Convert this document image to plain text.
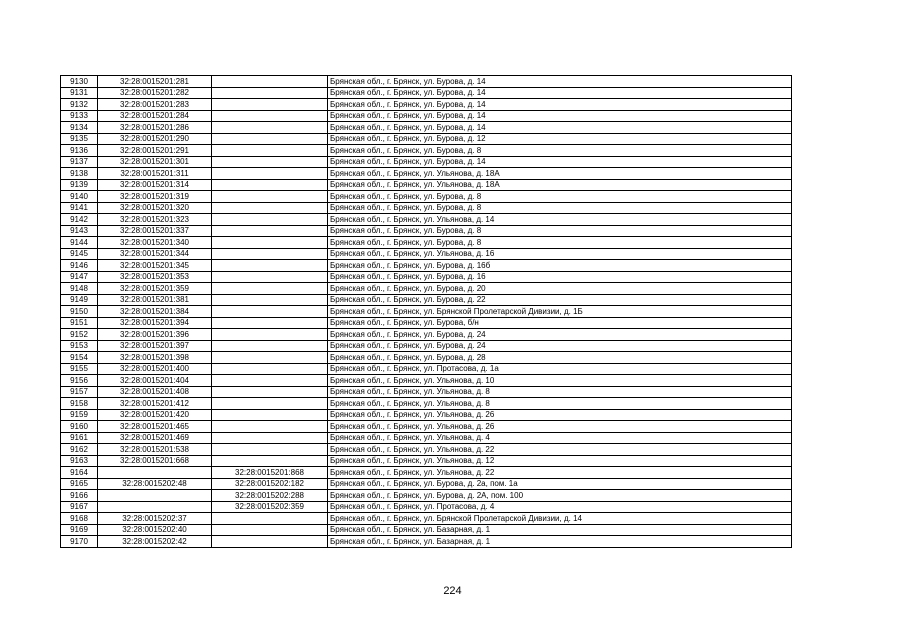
9130	32:28:0015201:281		Брянская обл., г. Брянск, ул. Бурова, д. 14
9131	32:28:0015201:282		Брянская обл., г. Брянск, ул. Бурова, д. 14
9132	32:28:0015201:283		Брянская обл., г. Брянск, ул. Бурова, д. 14
9133	32:28:0015201:284		Брянская обл., г. Брянск, ул. Бурова, д. 14
9134	32:28:0015201:286		Брянская обл., г. Брянск, ул. Бурова, д. 14
9135	32:28:0015201:290		Брянская обл., г. Брянск, ул. Бурова, д. 12
9136	32:28:0015201:291		Брянская обл., г. Брянск, ул. Бурова, д. 8
9137	32:28:0015201:301		Брянская обл., г. Брянск, ул. Бурова, д. 14
9138	32:28:0015201:311		Брянская обл., г. Брянск, ул. Ульянова, д. 18А
9139	32:28:0015201:314		Брянская обл., г. Брянск, ул. Ульянова, д. 18А
9140	32:28:0015201:319		Брянская обл., г. Брянск, ул. Бурова, д. 8
9141	32:28:0015201:320		Брянская обл., г. Брянск, ул. Бурова, д. 8
9142	32:28:0015201:323		Брянская обл., г. Брянск, ул. Ульянова, д. 14
9143	32:28:0015201:337		Брянская обл., г. Брянск, ул. Бурова, д. 8
9144	32:28:0015201:340		Брянская обл., г. Брянск, ул. Бурова, д. 8
9145	32:28:0015201:344		Брянская обл., г. Брянск, ул. Ульянова, д. 16
9146	32:28:0015201:345		Брянская обл., г. Брянск, ул. Бурова, д. 16б
9147	32:28:0015201:353		Брянская обл., г. Брянск, ул. Бурова, д. 16
9148	32:28:0015201:359		Брянская обл., г. Брянск, ул. Бурова, д. 20
9149	32:28:0015201:381		Брянская обл., г. Брянск, ул. Бурова, д. 22
9150	32:28:0015201:384		Брянская обл., г. Брянск, ул. Брянской Пролетарской Дивизии, д. 1Б
9151	32:28:0015201:394		Брянская обл., г. Брянск, ул. Бурова, б/н
9152	32:28:0015201:396		Брянская обл., г. Брянск, ул. Бурова, д. 24
9153	32:28:0015201:397		Брянская обл., г. Брянск, ул. Бурова, д. 24
9154	32:28:0015201:398		Брянская обл., г. Брянск, ул. Бурова, д. 28
9155	32:28:0015201:400		Брянская обл., г. Брянск, ул. Протасова, д. 1а
9156	32:28:0015201:404		Брянская обл., г. Брянск, ул. Ульянова, д. 10
9157	32:28:0015201:408		Брянская обл., г. Брянск, ул. Ульянова, д. 8
9158	32:28:0015201:412		Брянская обл., г. Брянск, ул. Ульянова, д. 8
9159	32:28:0015201:420		Брянская обл., г. Брянск, ул. Ульянова, д. 26
9160	32:28:0015201:465		Брянская обл., г. Брянск, ул. Ульянова, д. 26
9161	32:28:0015201:469		Брянская обл., г. Брянск, ул. Ульянова, д. 4
9162	32:28:0015201:538		Брянская обл., г. Брянск, ул. Ульянова, д. 22
9163	32:28:0015201:668		Брянская обл., г. Брянск, ул. Ульянова, д. 12
9164		32:28:0015201:868	Брянская обл., г. Брянск, ул. Ульянова, д. 22
9165	32:28:0015202:48	32:28:0015202:182	Брянская обл., г. Брянск, ул. Бурова, д. 2а, пом. 1а
9166		32:28:0015202:288	Брянская обл., г. Брянск, ул. Бурова, д. 2А, пом. 100
9167		32:28:0015202:359	Брянская обл., г. Брянск, ул. Протасова, д. 4
9168	32:28:0015202:37		Брянская обл., г. Брянск, ул. Брянской Пролетарской Дивизии, д. 14
9169	32:28:0015202:40		Брянская обл., г. Брянск, ул. Базарная, д. 1
9170	32:28:0015202:42		Брянская обл., г. Брянск, ул. Базарная, д. 1
224
